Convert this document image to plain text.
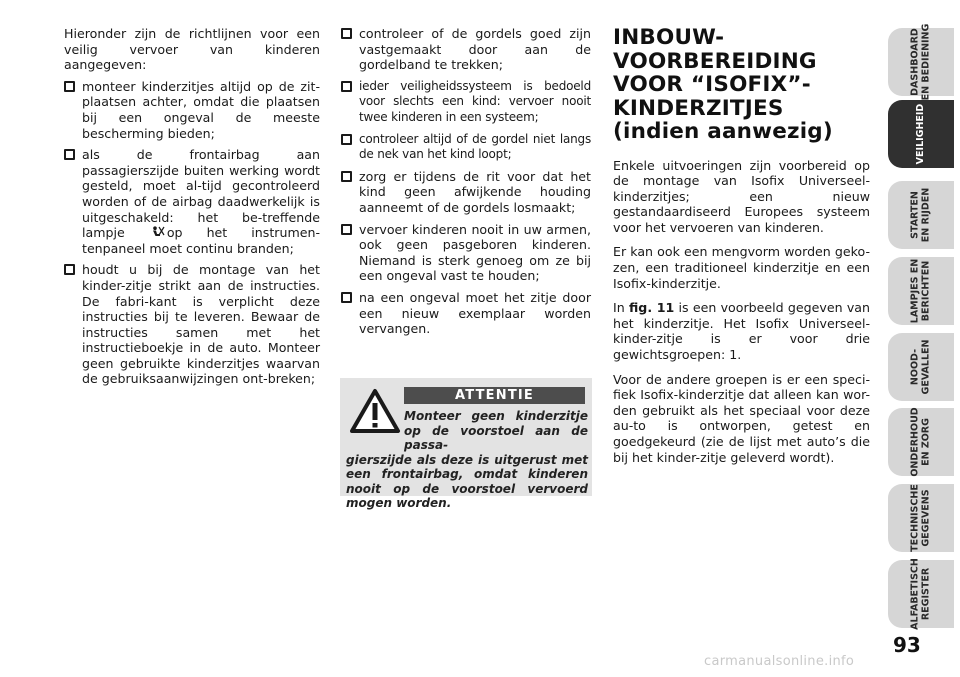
Hieronder zijn de richtlijnen voor een veilig vervoer van kinderen aangegeven:

monteer kinderzitjes altijd op de zit-plaatsen achter, omdat die plaatsen bij een ongeval de meeste bescherming bieden;
als de frontairbag aan passagierszijde buiten werking wordt gesteld, moet al-tijd gecontroleerd worden of de airbag daadwerkelijk is uitgeschakeld: het be-treffende lampje	op het instrumen-tenpaneel moet continu branden;
houdt u bij de montage van het kinder-zitje strikt aan de instructies. De fabri-kant is verplicht deze instructies bij te leveren. Bewaar de instructies samen met het instructieboekje in de auto. Monteer geen gebruikte kinderzitjes waarvan de gebruiksaanwijzingen ont-breken;
controleer of de gordels goed zijn vastgemaakt door aan de gordelband te trekken;
ieder veiligheidssysteem is bedoeld voor slechts een kind: vervoer nooit twee kinderen in een systeem;
controleer altijd of de gordel niet langs de nek van het kind loopt;
zorg er tijdens de rit voor dat het kind geen afwijkende houding aanneemt of de gordels losmaakt;
vervoer kinderen nooit in uw armen, ook geen pasgeboren kinderen. Niemand is sterk genoeg om ze bij een ongeval vast te houden;
na een ongeval moet het zitje door een nieuw exemplaar worden vervangen.
ATTENTIE
Monteer geen kinderzitje op de voorstoel aan de passa-
gierszijde als deze is uitgerust met een frontairbag, omdat kinderen nooit op de voorstoel vervoerd mogen worden.
INBOUW-
VOORBEREIDING
VOOR “ISOFIX”-
KINDERZITJES
(indien aanwezig)

Enkele uitvoeringen zijn voorbereid op de montage van Isofix Universeel-kinderzitjes; een nieuw gestandaardiseerd Europees systeem voor het vervoeren van kinderen.

Er kan ook een mengvorm worden geko-zen, een traditioneel kinderzitje en een Isofix-kinderzitje.

In fig. 11 is een voorbeeld gegeven van het kinderzitje. Het Isofix Universeel-kinder-zitje is er voor drie gewichtsgroepen: 1.

Voor de andere groepen is er een speci-fiek Isofix-kinderzitje dat alleen kan wor-den gebruikt als het speciaal voor deze au-to is ontworpen, getest en goedgekeurd (zie de lijst met auto’s die bij het kinder-zitje geleverd wordt).

DASHBOARD EN BEDIENING
VEILIGHEID
STARTEN EN RIJDEN
LAMPJES EN BERICHTEN
NOOD- GEVALLEN
ONDERHOUD EN ZORG
TECHNISCHE GEGEVENS
ALFABETISCH REGISTER
93
carmanualsonline.info
